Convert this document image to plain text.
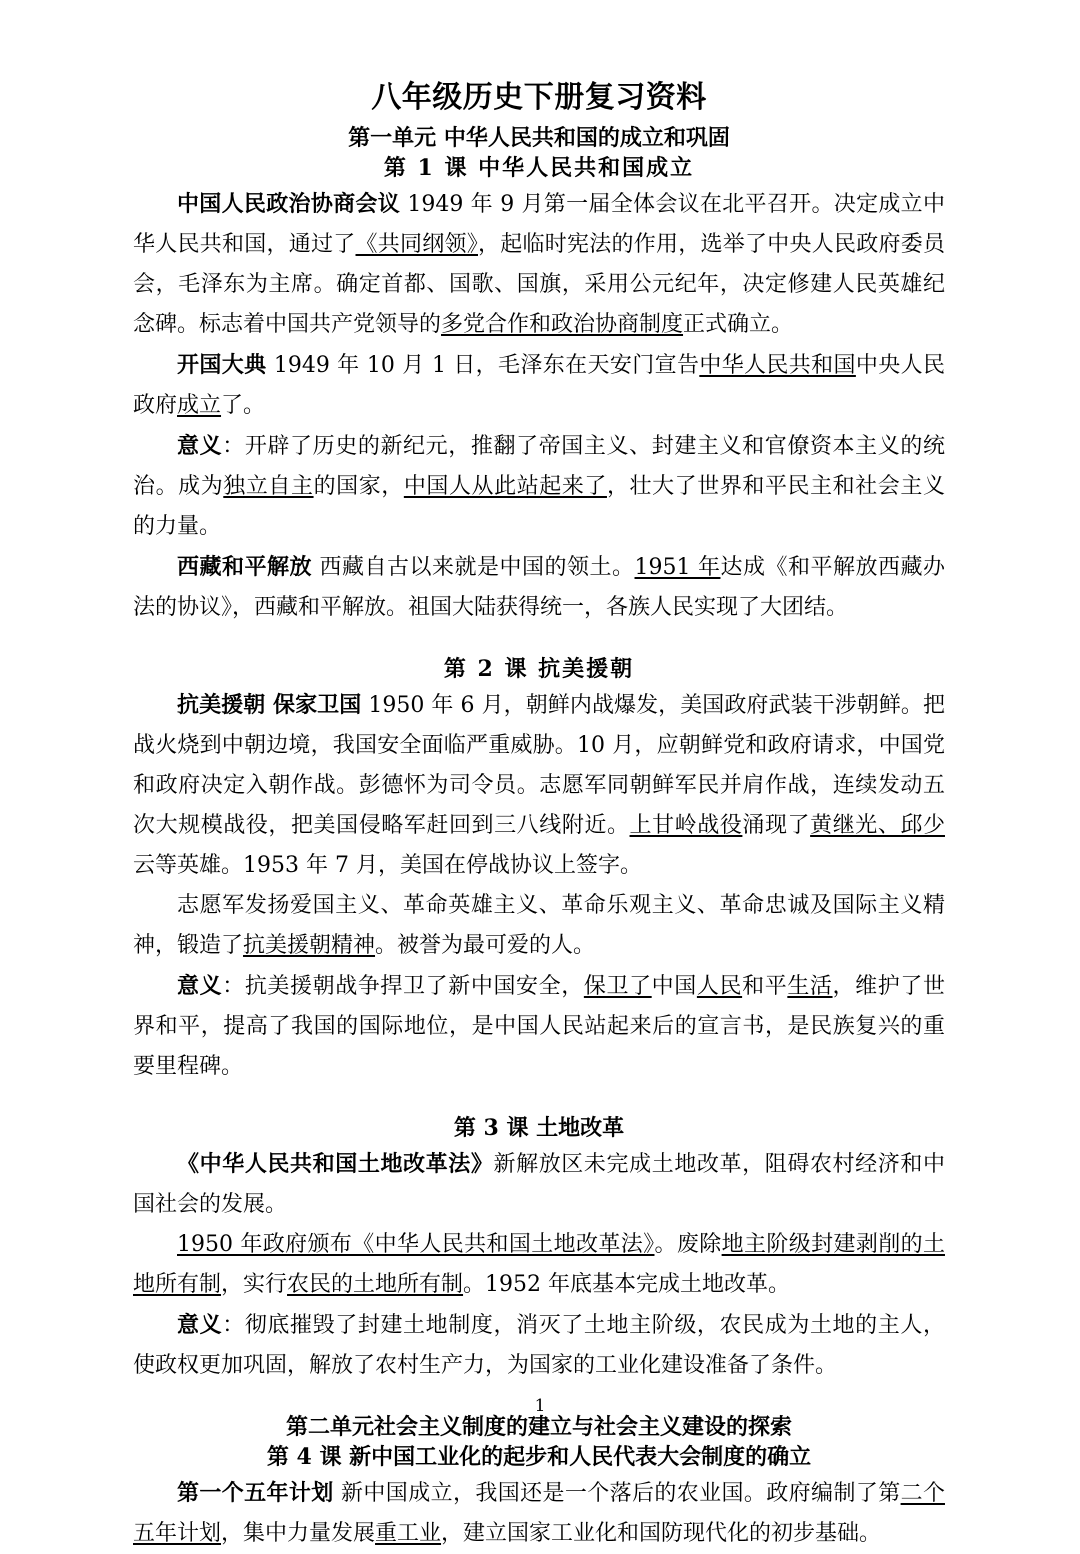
八年级历史下册复习资料
第一单元 中华人民共和国的成立和巩固
第 1 课 中华人民共和国成立

中国人民政治协商会议 1949 年 9 月第一届全体会议在北平召开。决定成立中华人民共和国，通过了《共同纲领》，起临时宪法的作用，选举了中央人民政府委员会，毛泽东为主席。确定首都、国歌、国旗，采用公元纪年，决定修建人民英雄纪念碑。标志着中国共产党领导的多党合作和政治协商制度正式确立。

开国大典 1949 年 10 月 1 日，毛泽东在天安门宣告中华人民共和国中央人民政府成立了。

意义：开辟了历史的新纪元，推翻了帝国主义、封建主义和官僚资本主义的统治。成为独立自主的国家，中国人从此站起来了，壮大了世界和平民主和社会主义的力量。

西藏和平解放 西藏自古以来就是中国的领土。1951 年达成《和平解放西藏办法的协议》，西藏和平解放。祖国大陆获得统一，各族人民实现了大团结。

第 2 课 抗美援朝

抗美援朝 保家卫国 1950 年 6 月，朝鲜内战爆发，美国政府武装干涉朝鲜。把战火烧到中朝边境，我国安全面临严重威胁。10 月，应朝鲜党和政府请求，中国党和政府决定入朝作战。彭德怀为司令员。志愿军同朝鲜军民并肩作战，连续发动五次大规模战役，把美国侵略军赶回到三八线附近。上甘岭战役涌现了黄继光、邱少云等英雄。1953 年 7 月，美国在停战协议上签字。

志愿军发扬爱国主义、革命英雄主义、革命乐观主义、革命忠诚及国际主义精神，锻造了抗美援朝精神。被誉为最可爱的人。

意义：抗美援朝战争捍卫了新中国安全，保卫了中国人民和平生活，维护了世界和平，提高了我国的国际地位，是中国人民站起来后的宣言书，是民族复兴的重要里程碑。

第 3 课 土地改革

《中华人民共和国土地改革法》新解放区未完成土地改革，阻碍农村经济和中国社会的发展。

1950 年政府颁布《中华人民共和国土地改革法》。废除地主阶级封建剥削的土地所有制，实行农民的土地所有制。1952 年底基本完成土地改革。

意义：彻底摧毁了封建土地制度，消灭了土地主阶级，农民成为土地的主人，使政权更加巩固，解放了农村生产力，为国家的工业化建设准备了条件。

第二单元社会主义制度的建立与社会主义建设的探索
第 4 课 新中国工业化的起步和人民代表大会制度的确立

第一个五年计划 新中国成立，我国还是一个落后的农业国。政府编制了第二个五年计划，集中力量发展重工业，建立国家工业化和国防现代化的初步基础。

1
